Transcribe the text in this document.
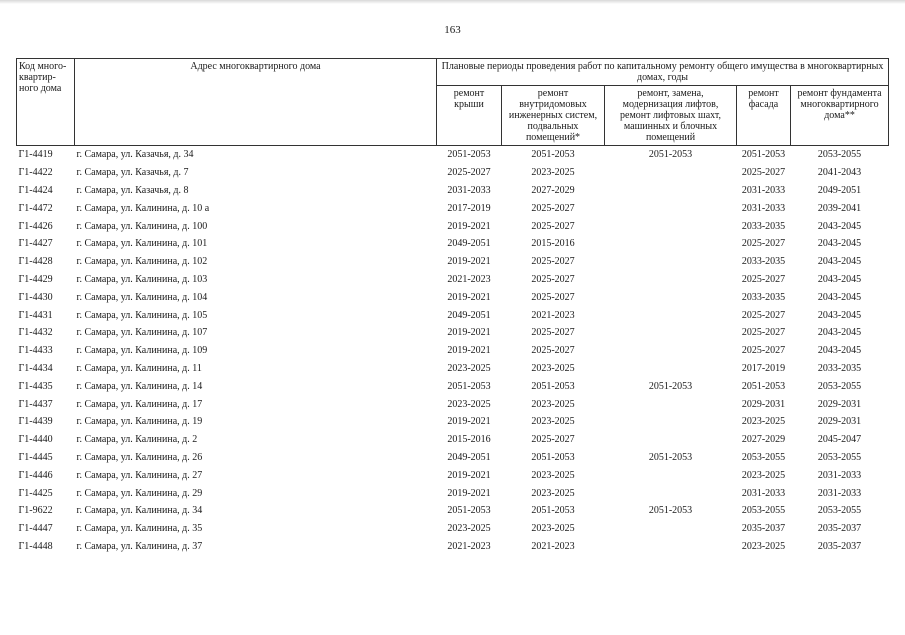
163
Код много-квартир-ного дома	Адрес многоквартирного дома	Плановые периоды проведения работ по капитальному ремонту общего имущества в многоквартирных домах, годы				
		ремонт крыши	ремонт внутридомовых инженерных систем, подвальных помещений*	ремонт, замена, модернизация лифтов, ремонт лифтовых шахт, машинных и блочных помещений	ремонт фасада	ремонт фундамента многоквартирного дома**
Г1-4419	г. Самара, ул. Казачья, д. 34	2051-2053	2051-2053	2051-2053	2051-2053	2053-2055
Г1-4422	г. Самара, ул. Казачья, д. 7	2025-2027	2023-2025		2025-2027	2041-2043
Г1-4424	г. Самара, ул. Казачья, д. 8	2031-2033	2027-2029		2031-2033	2049-2051
Г1-4472	г. Самара, ул. Калинина, д. 10 а	2017-2019	2025-2027		2031-2033	2039-2041
Г1-4426	г. Самара, ул. Калинина, д. 100	2019-2021	2025-2027		2033-2035	2043-2045
Г1-4427	г. Самара, ул. Калинина, д. 101	2049-2051	2015-2016		2025-2027	2043-2045
Г1-4428	г. Самара, ул. Калинина, д. 102	2019-2021	2025-2027		2033-2035	2043-2045
Г1-4429	г. Самара, ул. Калинина, д. 103	2021-2023	2025-2027		2025-2027	2043-2045
Г1-4430	г. Самара, ул. Калинина, д. 104	2019-2021	2025-2027		2033-2035	2043-2045
Г1-4431	г. Самара, ул. Калинина, д. 105	2049-2051	2021-2023		2025-2027	2043-2045
Г1-4432	г. Самара, ул. Калинина, д. 107	2019-2021	2025-2027		2025-2027	2043-2045
Г1-4433	г. Самара, ул. Калинина, д. 109	2019-2021	2025-2027		2025-2027	2043-2045
Г1-4434	г. Самара, ул. Калинина, д. 11	2023-2025	2023-2025		2017-2019	2033-2035
Г1-4435	г. Самара, ул. Калинина, д. 14	2051-2053	2051-2053	2051-2053	2051-2053	2053-2055
Г1-4437	г. Самара, ул. Калинина, д. 17	2023-2025	2023-2025		2029-2031	2029-2031
Г1-4439	г. Самара, ул. Калинина, д. 19	2019-2021	2023-2025		2023-2025	2029-2031
Г1-4440	г. Самара, ул. Калинина, д. 2	2015-2016	2025-2027		2027-2029	2045-2047
Г1-4445	г. Самара, ул. Калинина, д. 26	2049-2051	2051-2053	2051-2053	2053-2055	2053-2055
Г1-4446	г. Самара, ул. Калинина, д. 27	2019-2021	2023-2025		2023-2025	2031-2033
Г1-4425	г. Самара, ул. Калинина, д. 29	2019-2021	2023-2025		2031-2033	2031-2033
Г1-9622	г. Самара, ул. Калинина, д. 34	2051-2053	2051-2053	2051-2053	2053-2055	2053-2055
Г1-4447	г. Самара, ул. Калинина, д. 35	2023-2025	2023-2025		2035-2037	2035-2037
Г1-4448	г. Самара, ул. Калинина, д. 37	2021-2023	2021-2023		2023-2025	2035-2037
